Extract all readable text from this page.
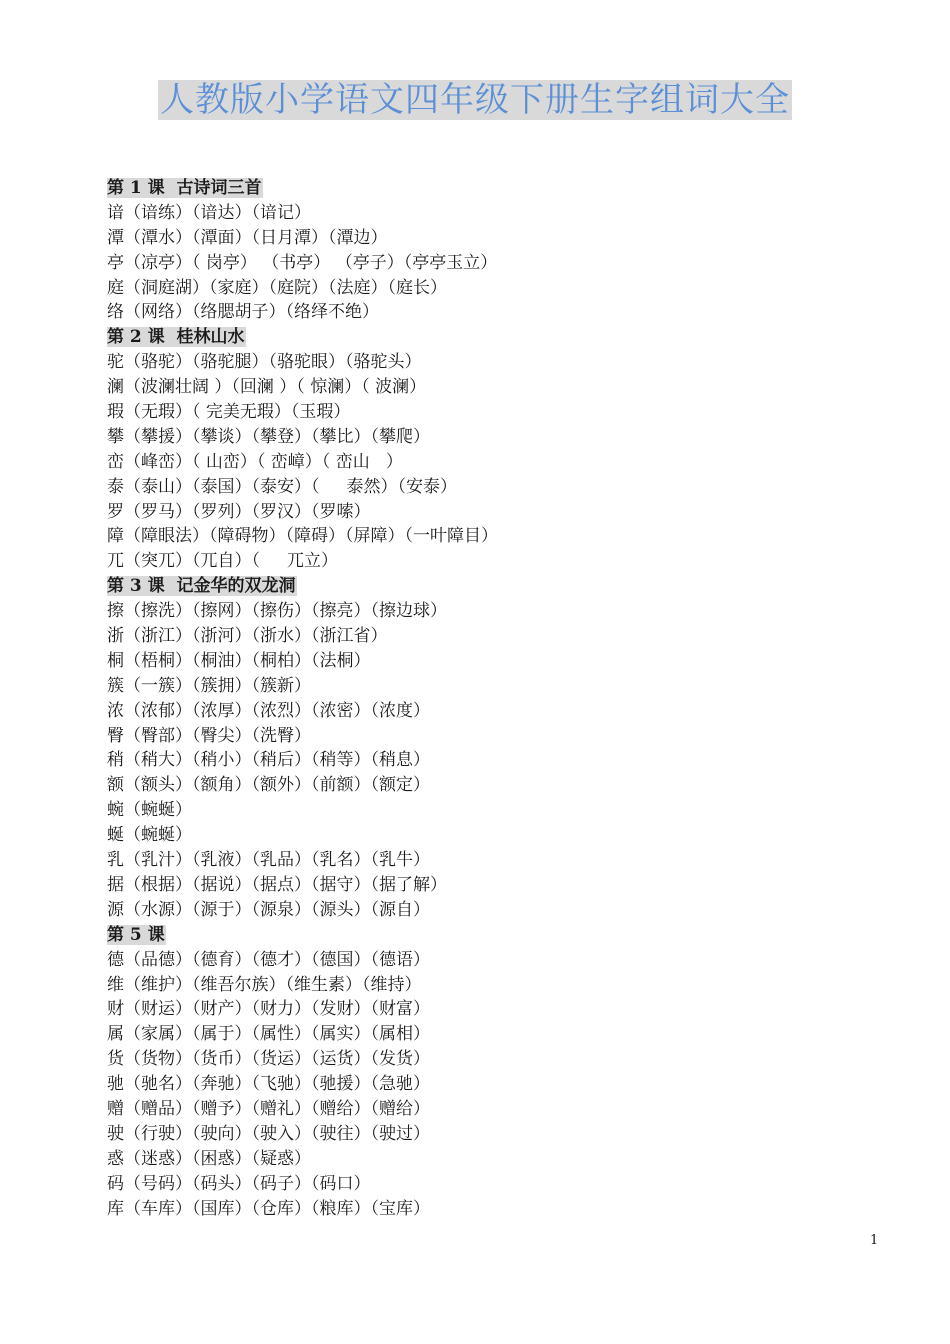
人教版小学语文四年级下册生字组词大全
第 1 课  古诗词三首
谙（谙练）（谙达）（谙记）
潭（潭水）（潭面）（日月潭）（潭边）
亭（凉亭）（ 岗亭） （书亭） （亭子）（亭亭玉立）
庭（洞庭湖）（家庭）（庭院）（法庭）（庭长）
络（网络）（络腮胡子）（络绎不绝）
第 2 课  桂林山水
驼（骆驼）（骆驼腿）（骆驼眼）（骆驼头）
澜（波澜壮阔 ）（回澜 ）（ 惊澜）（ 波澜）
瑕（无瑕）（ 完美无瑕）（玉瑕）
攀（攀援）（攀谈）（攀登）（攀比）（攀爬）
峦（峰峦）（ 山峦）（ 峦嶂）（ 峦山   ）
泰（泰山）（泰国）（泰安）（     泰然）（安泰）
罗（罗马）（罗列）（罗汉）（罗嗦）
障（障眼法）（障碍物）（障碍）（屏障）（一叶障目）
兀（突兀）（兀自）（     兀立）
第 3 课  记金华的双龙洞
擦（擦洗）（擦网）（擦伤）（擦亮）（擦边球）
浙（浙江）（浙河）（浙水）（浙江省）
桐（梧桐）（桐油）（桐柏）（法桐）
簇（一簇）（簇拥）（簇新）
浓（浓郁）（浓厚）（浓烈）（浓密）（浓度）
臀（臀部）（臀尖）（洗臀）
稍（稍大）（稍小）（稍后）（稍等）（稍息）
额（额头）（额角）（额外）（前额）（额定）
蜿（蜿蜒）
蜒（蜿蜒）
乳（乳汁）（乳液）（乳品）（乳名）（乳牛）
据（根据）（据说）（据点）（据守）（据了解）
源（水源）（源于）（源泉）（源头）（源自）
第 5 课
德（品德）（德育）（德才）（德国）（德语）
维（维护）（维吾尔族）（维生素）（维持）
财（财运）（财产）（财力）（发财）（财富）
属（家属）（属于）（属性）（属实）（属相）
货（货物）（货币）（货运）（运货）（发货）
驰（驰名）（奔驰）（飞驰）（驰援）（急驰）
赠（赠品）（赠予）（赠礼）（赠给）（赠给）
驶（行驶）（驶向）（驶入）（驶往）（驶过）
惑（迷惑）（困惑）（疑惑）
码（号码）（码头）（码子）（码口）
库（车库）（国库）（仓库）（粮库）（宝库）
1
